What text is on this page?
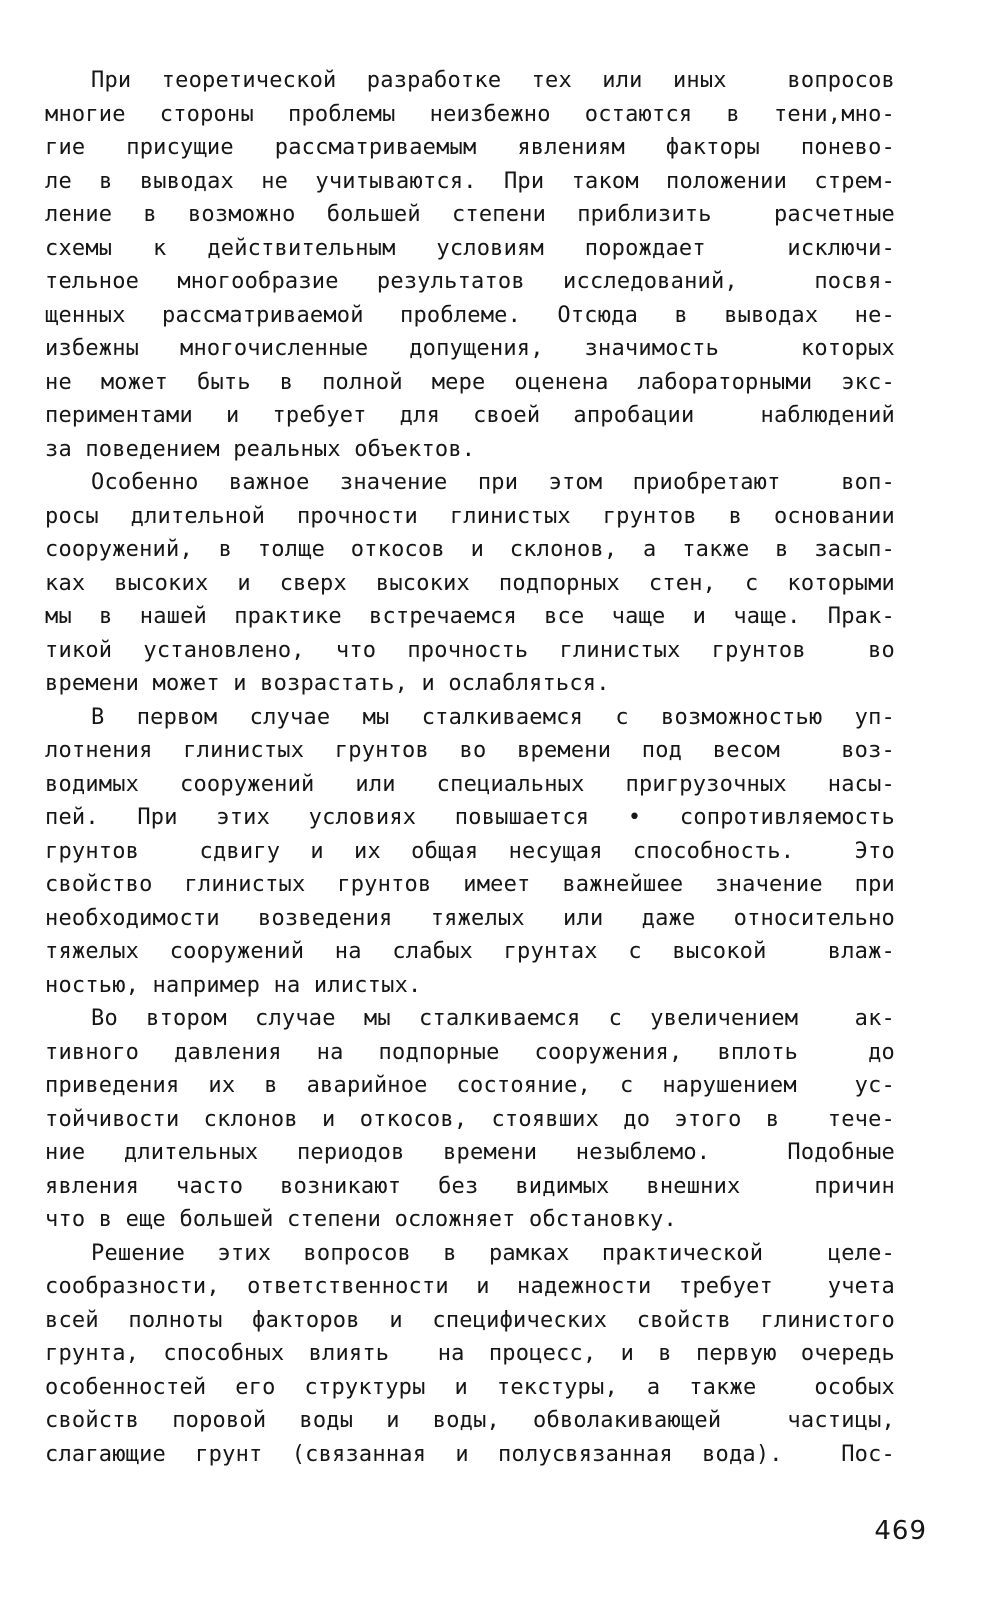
При теоретической разработке тех или иных  вопросов
многие стороны проблемы неизбежно остаются в тени,мно-
гие присущие рассматриваемым явлениям факторы понево-
ле в выводах не учитываются. При таком положении стрем-
ление в возможно большей степени приблизить  расчетные
схемы к действительным условиям порождает  исключи-
тельное многообразие результатов исследований,  посвя-
щенных рассматриваемой проблеме. Отсюда в выводах не-
избежны многочисленные допущения, значимость  которых
не может быть в полной мере оценена лабораторными экс-
периментами и требует для своей апробации  наблюдений
за поведением реальных объектов.
Особенно важное значение при этом приобретают  воп-
росы длительной прочности глинистых грунтов в основании
сооружений, в толще откосов и склонов, а также в засып-
ках высоких и сверх высоких подпорных стен, с которыми
мы в нашей практике встречаемся все чаще и чаще. Прак-
тикой установлено, что прочность глинистых грунтов  во
времени может и возрастать, и ослабляться.
В первом случае мы сталкиваемся с возможностью уп-
лотнения глинистых грунтов во времени под весом  воз-
водимых сооружений или специальных пригрузочных насы-
пей. При этих условиях повышается • сопротивляемость
грунтов  сдвигу и их общая несущая способность.  Это
свойство глинистых грунтов имеет важнейшее значение при
необходимости возведения тяжелых или даже относительно
тяжелых сооружений на слабых грунтах с высокой  влаж-
ностью, например на илистых.
Во втором случае мы сталкиваемся с увеличением  ак-
тивного давления на подпорные сооружения, вплоть  до
приведения их в аварийное состояние, с нарушением  ус-
тойчивости склонов и откосов, стоявших до этого в  тече-
ние длительных периодов времени незыблемо.  Подобные
явления часто возникают без видимых внешних  причин
что в еще большей степени осложняет обстановку.
Решение этих вопросов в рамках практической  целе-
сообразности, ответственности и надежности требует  учета
всей полноты факторов и специфических свойств глинистого
грунта, способных влиять  на процесс, и в первую очередь
особенностей его структуры и текстуры, а также  особых
свойств поровой воды и воды, обволакивающей  частицы,
слагающие грунт (связанная и полусвязанная вода).  Пос-
469
